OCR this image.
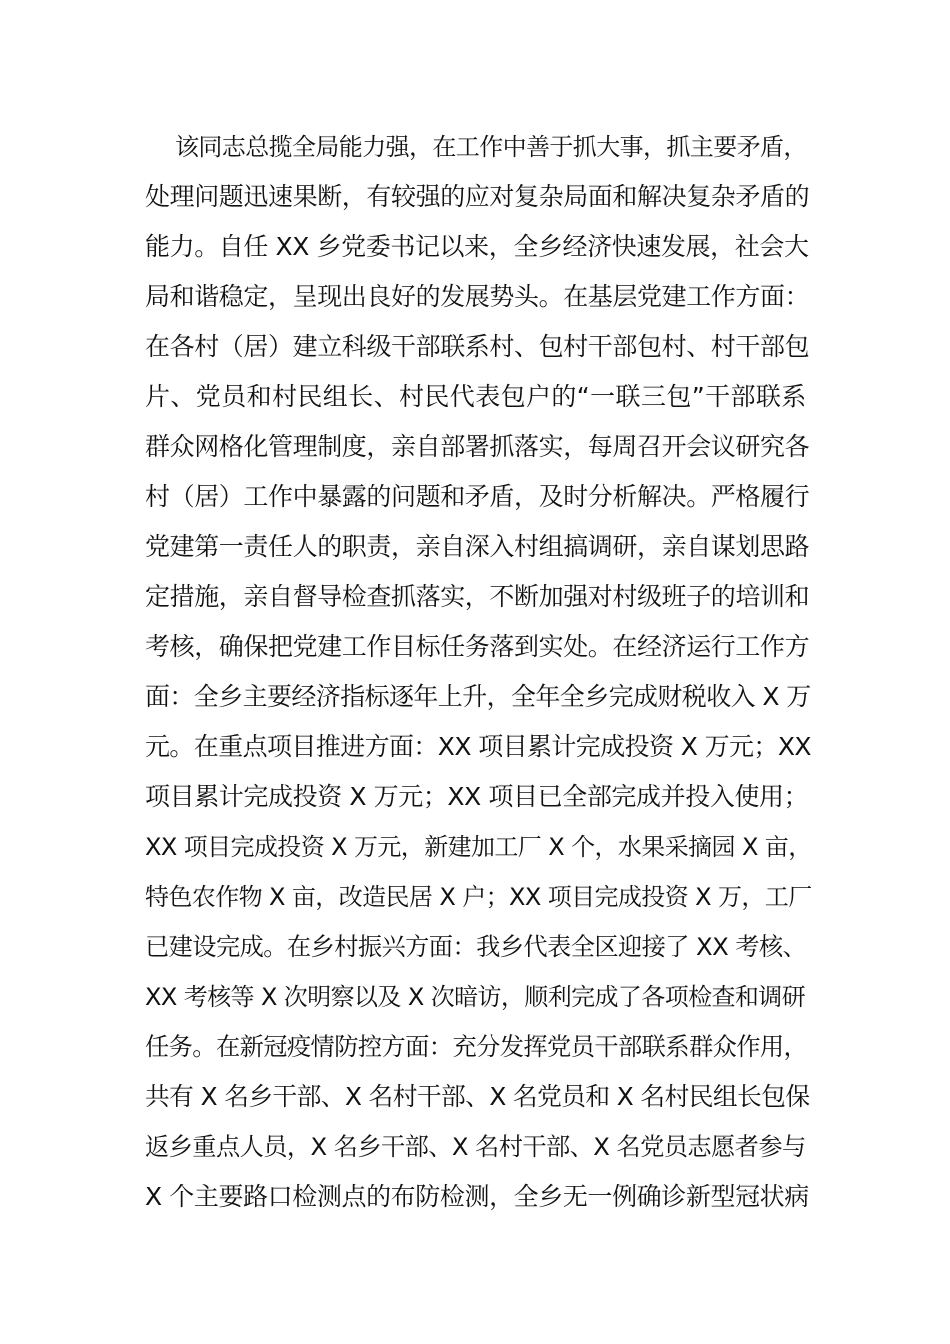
该同志总揽全局能力强，在工作中善于抓大事，抓主要矛盾，
处理问题迅速果断，有较强的应对复杂局面和解决复杂矛盾的
能力。自任 XX 乡党委书记以来，全乡经济快速发展，社会大
局和谐稳定，呈现出良好的发展势头。在基层党建工作方面：
在各村（居）建立科级干部联系村、包村干部包村、村干部包
片、党员和村民组长、村民代表包户的“一联三包”干部联系
群众网格化管理制度，亲自部署抓落实，每周召开会议研究各
村（居）工作中暴露的问题和矛盾，及时分析解决。严格履行
党建第一责任人的职责，亲自深入村组搞调研，亲自谋划思路
定措施，亲自督导检查抓落实，不断加强对村级班子的培训和
考核，确保把党建工作目标任务落到实处。在经济运行工作方
面：全乡主要经济指标逐年上升，全年全乡完成财税收入 X 万
元。在重点项目推进方面：XX 项目累计完成投资 X 万元；XX
项目累计完成投资 X 万元；XX 项目已全部完成并投入使用；
XX 项目完成投资 X 万元，新建加工厂 X 个，水果采摘园 X 亩，
特色农作物 X 亩，改造民居 X 户；XX 项目完成投资 X 万，工厂
已建设完成。在乡村振兴方面：我乡代表全区迎接了 XX 考核、
XX 考核等 X 次明察以及 X 次暗访，顺利完成了各项检查和调研
任务。在新冠疫情防控方面：充分发挥党员干部联系群众作用，
共有 X 名乡干部、X 名村干部、X 名党员和 X 名村民组长包保
返乡重点人员，X 名乡干部、X 名村干部、X 名党员志愿者参与
X 个主要路口检测点的布防检测，全乡无一例确诊新型冠状病
